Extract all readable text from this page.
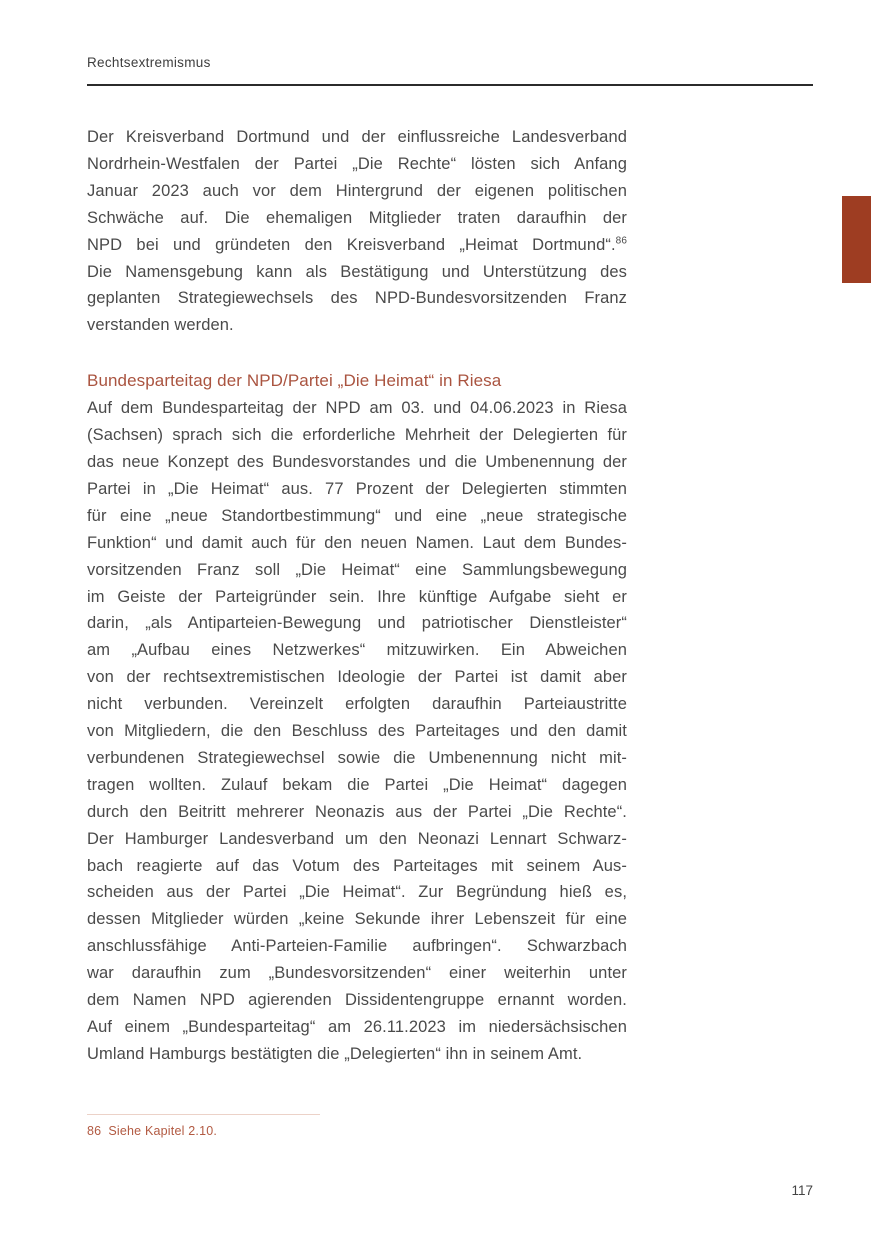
Rechtsextremismus
Der Kreisverband Dortmund und der einflussreiche Landesverband
Nordrhein-Westfalen der Partei „Die Rechte“ lösten sich Anfang
Januar 2023 auch vor dem Hintergrund der eigenen politischen
Schwäche auf. Die ehemaligen Mitglieder traten daraufhin der
NPD bei und gründeten den Kreisverband „Heimat Dortmund“.$^{86}$
Die Namensgebung kann als Bestätigung und Unterstützung des
geplanten Strategiewechsels des NPD-Bundesvorsitzenden Franz
verstanden werden.
Bundesparteitag der NPD/Partei „Die Heimat“ in Riesa
Auf dem Bundesparteitag der NPD am 03. und 04.06.2023 in Riesa
(Sachsen) sprach sich die erforderliche Mehrheit der Delegierten für
das neue Konzept des Bundesvorstandes und die Umbenennung der
Partei in „Die Heimat“ aus. 77 Prozent der Delegierten stimmten
für eine „neue Standortbestimmung“ und eine „neue strategische
Funktion“ und damit auch für den neuen Namen. Laut dem Bundes-
vorsitzenden Franz soll „Die Heimat“ eine Sammlungsbewegung
im Geiste der Parteigründer sein. Ihre künftige Aufgabe sieht er
darin, „als Antiparteien-Bewegung und patriotischer Dienstleister“
am „Aufbau eines Netzwerkes“ mitzuwirken. Ein Abweichen
von der rechtsextremistischen Ideologie der Partei ist damit aber
nicht verbunden. Vereinzelt erfolgten daraufhin Parteiaustritte
von Mitgliedern, die den Beschluss des Parteitages und den damit
verbundenen Strategiewechsel sowie die Umbenennung nicht mit-
tragen wollten. Zulauf bekam die Partei „Die Heimat“ dagegen
durch den Beitritt mehrerer Neonazis aus der Partei „Die Rechte“.
Der Hamburger Landesverband um den Neonazi Lennart Schwarz-
bach reagierte auf das Votum des Parteitages mit seinem Aus-
scheiden aus der Partei „Die Heimat“. Zur Begründung hieß es,
dessen Mitglieder würden „keine Sekunde ihrer Lebenszeit für eine
anschlussfähige Anti-Parteien-Familie aufbringen“. Schwarzbach
war daraufhin zum „Bundesvorsitzenden“ einer weiterhin unter
dem Namen NPD agierenden Dissidentengruppe ernannt worden.
Auf einem „Bundesparteitag“ am 26.11.2023 im niedersächsischen
Umland Hamburgs bestätigten die „Delegierten“ ihn in seinem Amt.
86 Siehe Kapitel 2.10.
117
